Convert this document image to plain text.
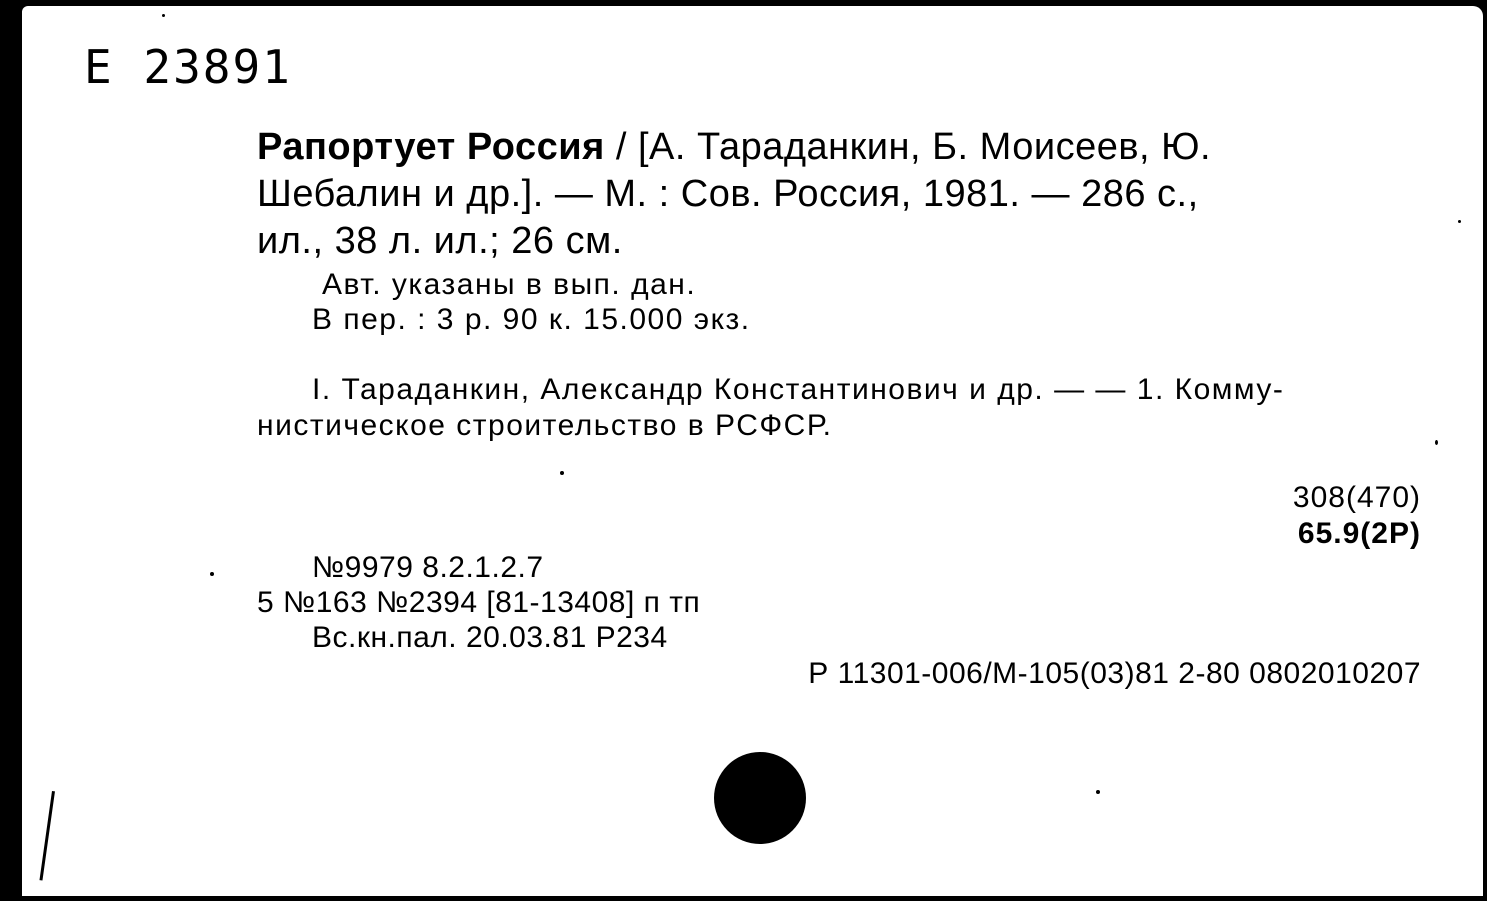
Е 23891
Рапортует Россия / [А. Тараданкин, Б. Моисеев, Ю.
Шебалин и др.]. — М. : Сов. Россия, 1981. — 286 с.,
ил., 38 л. ил.; 26 см.
Авт. указаны в вып. дан.
В пер. : 3 р. 90 к. 15.000 экз.
I. Тараданкин, Александр Константинович и др. — — 1. Комму-
нистическое строительство в РСФСР.
308(470)
65.9(2Р)
№9979 8.2.1.2.7
5 №163 №2394 [81-13408] п тп
Вс.кн.пал. 20.03.81 Р234
Р 11301-006/М-105(03)81 2-80 0802010207
